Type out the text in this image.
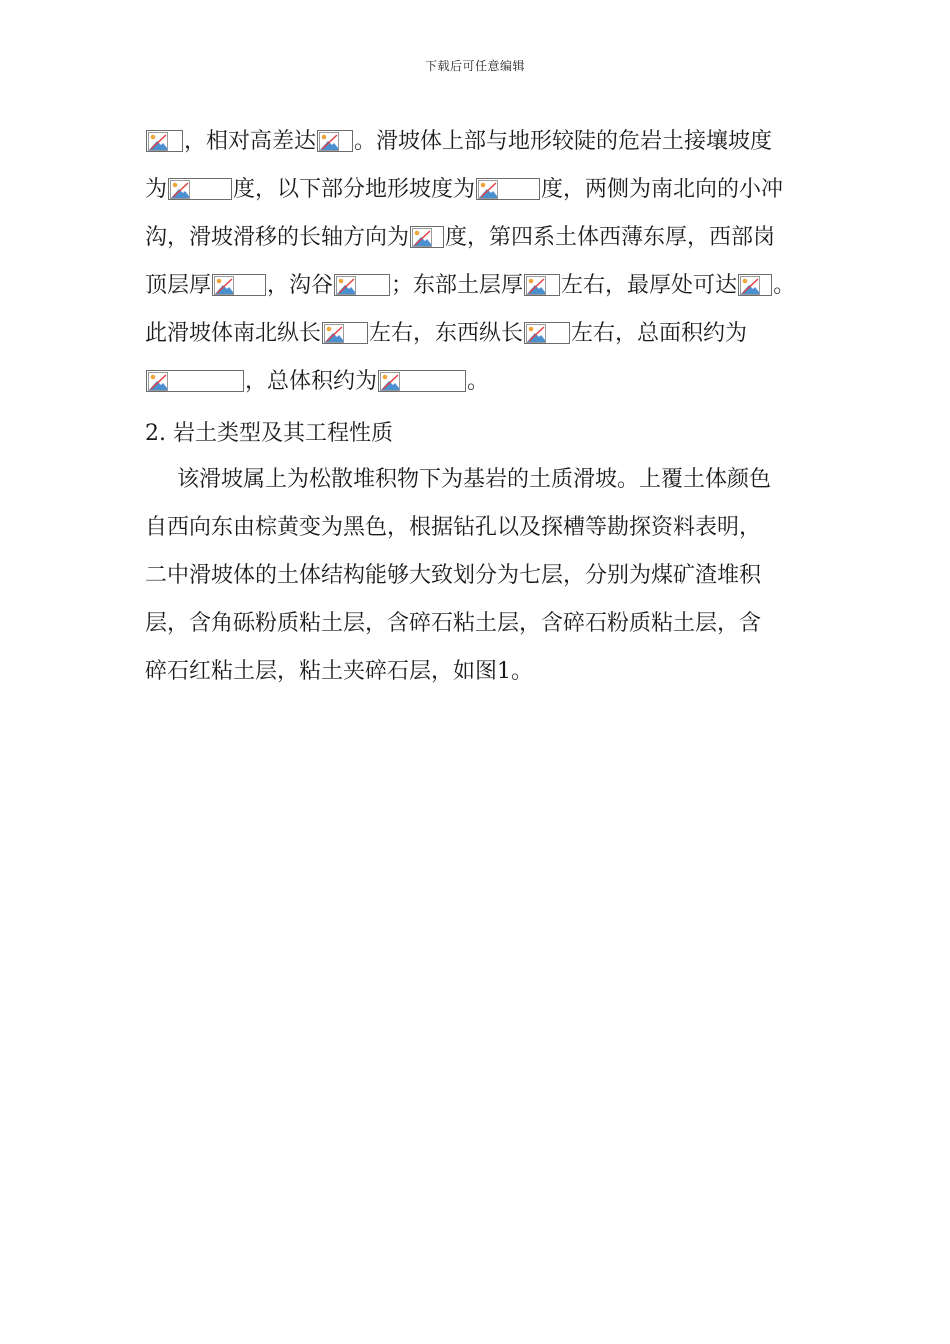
下载后可任意编辑
，相对高差达 。滑坡体上部与地形较陡的危岩土接壤坡度
为	度，以下部分地形坡度为	度，两侧为南北向的小冲
沟，滑坡滑移的长轴方向为 度，第四系土体西薄东厚，西部岗
顶层厚	，沟谷	；东部土层厚 左右，最厚处可达 。
此滑坡体南北纵长 左右，东西纵长 左右，总面积约为
，总体积约为	。
2. 岩土类型及其工程性质
该滑坡属上为松散堆积物下为基岩的土质滑坡。上覆土体颜色
自西向东由棕黄变为黑色，根据钻孔以及探槽等勘探资料表明，
二中滑坡体的土体结构能够大致划分为七层，分别为煤矿渣堆积
层，含角砾粉质粘土层，含碎石粘土层，含碎石粉质粘土层，含
碎石红粘土层，粘土夹碎石层，如图1。
